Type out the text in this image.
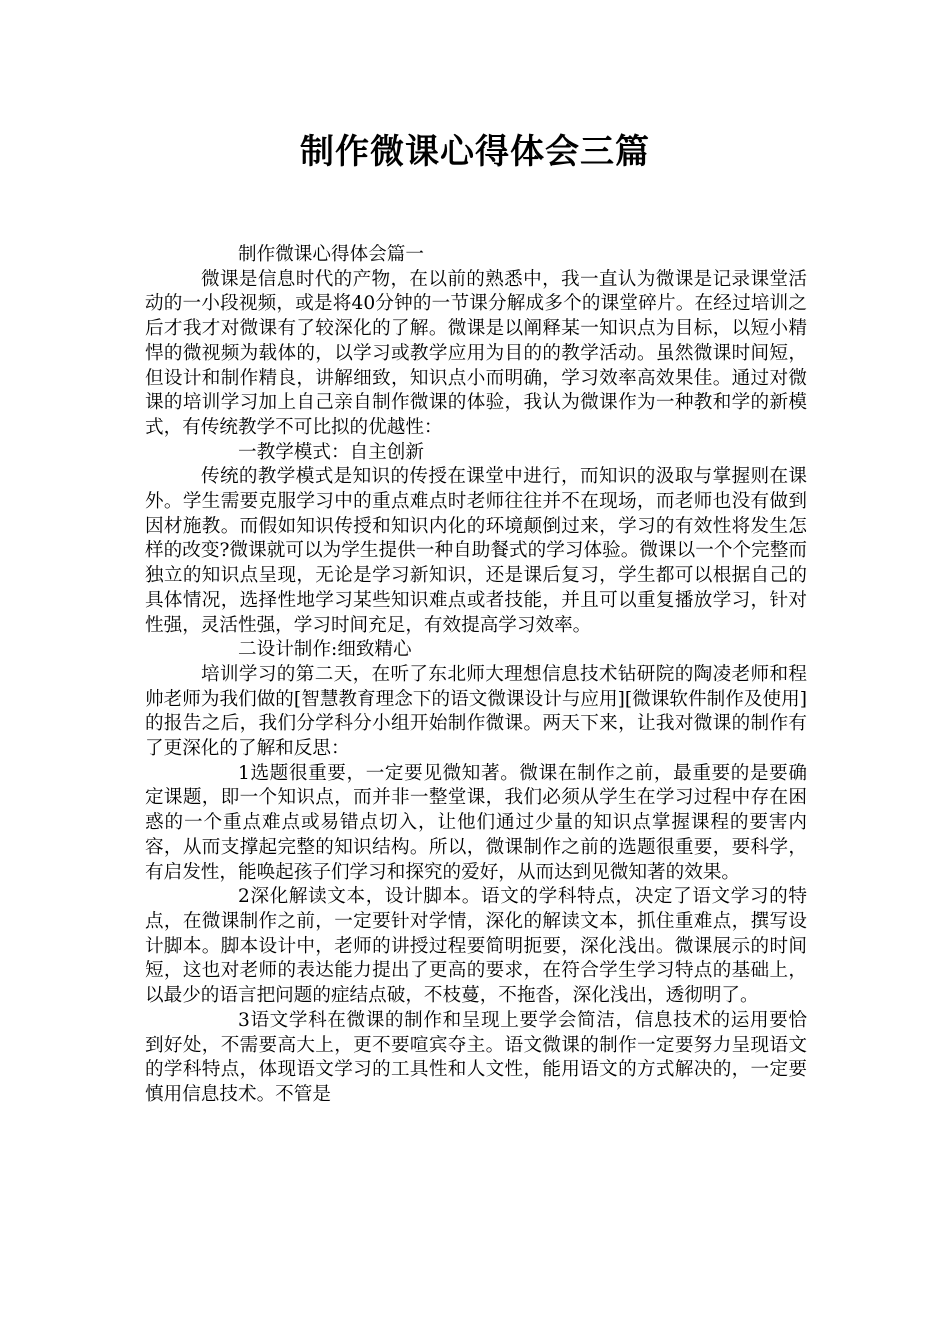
制作微课心得体会三篇

制作微课心得体会篇一

微课是信息时代的产物，在以前的熟悉中，我一直认为微课是记录课堂活动的一小段视频，或是将40分钟的一节课分解成多个的课堂碎片。在经过培训之后才我才对微课有了较深化的了解。微课是以阐释某一知识点为目标，以短小精悍的微视频为载体的，以学习或教学应用为目的的教学活动。虽然微课时间短，但设计和制作精良，讲解细致，知识点小而明确，学习效率高效果佳。通过对微课的培训学习加上自己亲自制作微课的体验，我认为微课作为一种教和学的新模式，有传统教学不可比拟的优越性：

一教学模式：自主创新

传统的教学模式是知识的传授在课堂中进行，而知识的汲取与掌握则在课外。学生需要克服学习中的重点难点时老师往往并不在现场，而老师也没有做到因材施教。而假如知识传授和知识内化的环境颠倒过来，学习的有效性将发生怎样的改变?微课就可以为学生提供一种自助餐式的学习体验。微课以一个个完整而独立的知识点呈现，无论是学习新知识，还是课后复习，学生都可以根据自己的具体情况，选择性地学习某些知识难点或者技能，并且可以重复播放学习，针对性强，灵活性强，学习时间充足，有效提高学习效率。

二设计制作:细致精心

培训学习的第二天，在听了东北师大理想信息技术钻研院的陶凌老师和程帅老师为我们做的[智慧教育理念下的语文微课设计与应用][微课软件制作及使用]的报告之后，我们分学科分小组开始制作微课。两天下来，让我对微课的制作有了更深化的了解和反思：

1选题很重要，一定要见微知著。微课在制作之前，最重要的是要确定课题，即一个知识点，而并非一整堂课，我们必须从学生在学习过程中存在困惑的一个重点难点或易错点切入，让他们通过少量的知识点掌握课程的要害内容，从而支撑起完整的知识结构。所以，微课制作之前的选题很重要，要科学，有启发性，能唤起孩子们学习和探究的爱好，从而达到见微知著的效果。

2深化解读文本，设计脚本。语文的学科特点，决定了语文学习的特点，在微课制作之前，一定要针对学情，深化的解读文本，抓住重难点，撰写设计脚本。脚本设计中，老师的讲授过程要简明扼要，深化浅出。微课展示的时间短，这也对老师的表达能力提出了更高的要求，在符合学生学习特点的基础上，以最少的语言把问题的症结点破，不枝蔓，不拖沓，深化浅出，透彻明了。

3语文学科在微课的制作和呈现上要学会简洁，信息技术的运用要恰到好处，不需要高大上，更不要喧宾夺主。语文微课的制作一定要努力呈现语文的学科特点，体现语文学习的工具性和人文性，能用语文的方式解决的，一定要慎用信息技术。不管是
